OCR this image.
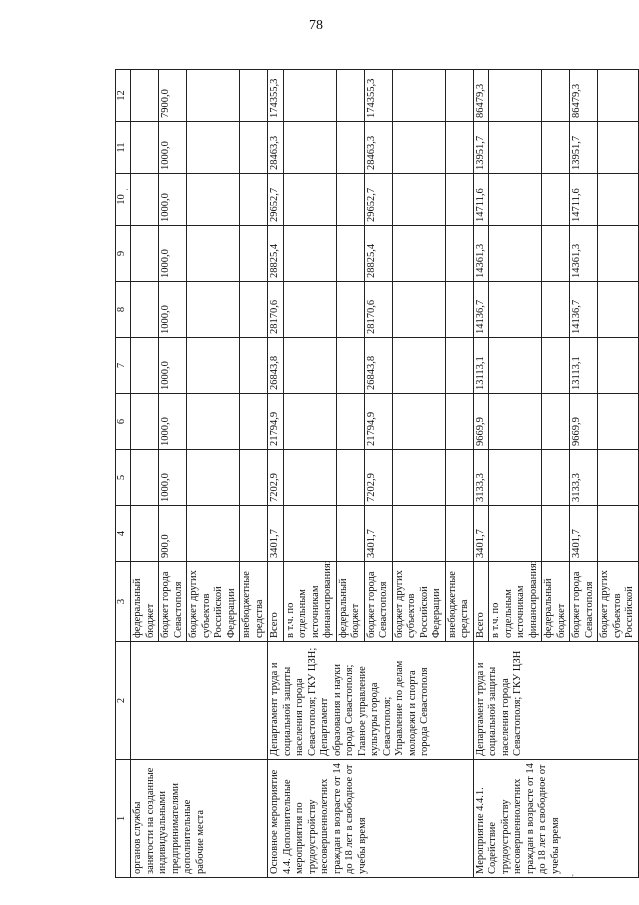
78
1	2	3	4	5	6	7	8	9	10	11	12
органов службы занятости на созданные индивидуальными предпринимателями дополнительные рабочие места		федеральный бюджет									
		бюджет города Севастополя	900,0	1000,0	1000,0	1000,0	1000,0	1000,0	1000,0	1000,0	7900,0
		бюджет других субъектов Российской Федерации									
		внебюджетные средства									
Основное мероприятие 4.4. Дополнительные мероприятия по трудоустройству несовершеннолетних граждан в возрасте от 14 до 18 лет в свободное от учебы время	Департамент труда и социальной защиты населения города Севастополя; ГКУ ЦЗН; Департамент образования и науки города Севастополя; Главное управление культуры города Севастополя; Управление по делам молодежи и спорта города Севастополя	Всего	3401,7	7202,9	21794,9	26843,8	28170,6	28825,4	29652,7	28463,3	174355,3
		в т.ч. по отдельным источникам финансирования:									
		федеральный бюджет									
		бюджет города Севастополя	3401,7	7202,9	21794,9	26843,8	28170,6	28825,4	29652,7	28463,3	174355,3
		бюджет других субъектов Российской Федерации									
		внебюджетные средства									
Мероприятие 4.4.1. Содействие трудоустройству несовершеннолетних граждан в возрасте от 14 до 18 лет в свободное от учебы время	Департамент труда и социальной защиты населения города Севастополя; ГКУ ЦЗН	Всего	3401,7	3133,3	9669,9	13113,1	14136,7	14361,3	14711,6	13951,7	86479,3
		в т.ч. по отдельным источникам финансирования:									
		федеральный бюджет									
		бюджет города Севастополя	3401,7	3133,3	9669,9	13113,1	14136,7	14361,3	14711,6	13951,7	86479,3
		бюджет других субъектов Российской									
.
'
